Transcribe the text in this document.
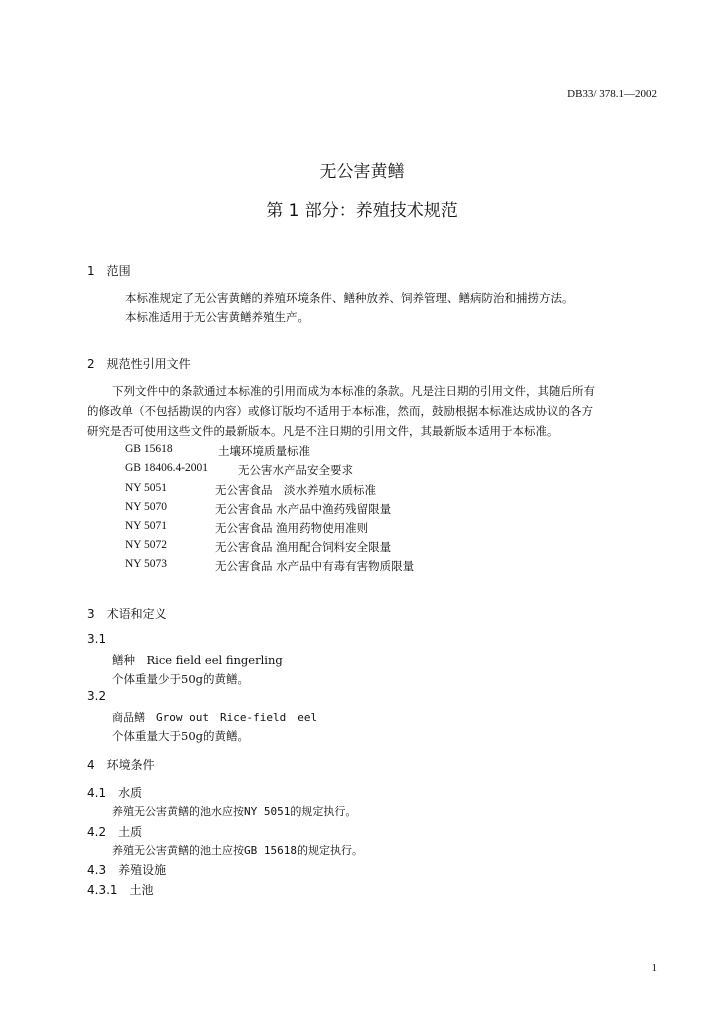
DB33/ 378.1—2002
无公害黄鳝
第 1 部分：养殖技术规范
1　范围
本标准规定了无公害黄鳝的养殖环境条件、鳝种放养、饲养管理、鳝病防治和捕捞方法。
本标准适用于无公害黄鳝养殖生产。
2　规范性引用文件
下列文件中的条款通过本标准的引用而成为本标准的条款。凡是注日期的引用文件，其随后所有
的修改单（不包括勘误的内容）或修订版均不适用于本标准，然而，鼓励根据本标准达成协议的各方
研究是否可使用这些文件的最新版本。凡是不注日期的引用文件，其最新版本适用于本标准。
GB 15618	土壤环境质量标准
GB 18406.4-2001	无公害水产品安全要求
NY 5051	无公害食品　淡水养殖水质标准
NY 5070	无公害食品 水产品中渔药残留限量
NY 5071	无公害食品 渔用药物使用准则
NY 5072	无公害食品 渔用配合饲料安全限量
NY 5073	无公害食品 水产品中有毒有害物质限量
3　术语和定义
3.1
鳝种　Rice field eel fingerling
个体重量少于50g的黄鳝。
3.2
商品鳝　Grow out　Rice-field　eel
个体重量大于50g的黄鳝。
4　环境条件
4.1　水质
养殖无公害黄鳝的池水应按NY 5051的规定执行。
4.2　土质
养殖无公害黄鳝的池土应按GB 15618的规定执行。
4.3　养殖设施
4.3.1　土池
1
